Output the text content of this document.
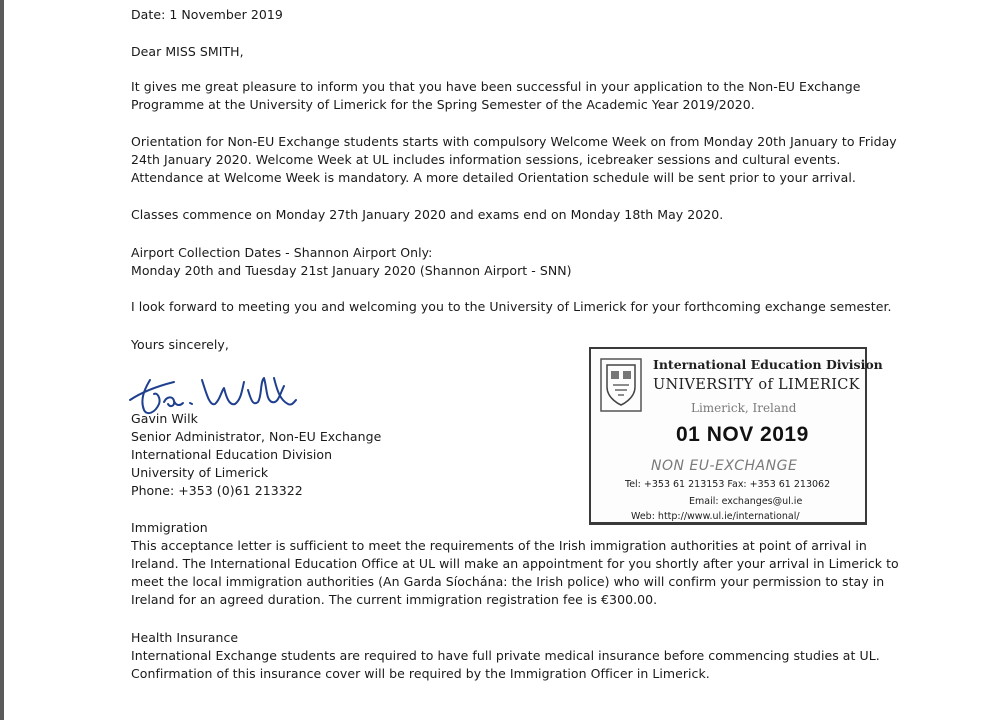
Date: 1 November 2019

Dear MISS SMITH,

It gives me great pleasure to inform you that you have been successful in your application to the Non-EU Exchange

Programme at the University of Limerick for the Spring Semester of the Academic Year 2019/2020.

Orientation for Non-EU Exchange students starts with compulsory Welcome Week on from Monday 20th January to Friday

24th January 2020. Welcome Week at UL includes information sessions, icebreaker sessions and cultural events.

Attendance at Welcome Week is mandatory. A more detailed Orientation schedule will be sent prior to your arrival.

Classes commence on Monday 27th January 2020 and exams end on Monday 18th May 2020.

Airport Collection Dates - Shannon Airport Only:

Monday 20th and Tuesday 21st January 2020 (Shannon Airport - SNN)

I look forward to meeting you and welcoming you to the University of Limerick for your forthcoming exchange semester.

Yours sincerely,

Gavin Wilk

Senior Administrator, Non-EU Exchange

International Education Division

University of Limerick

Phone: +353 (0)61 213322

International Education Division

UNIVERSITY of LIMERICK

Limerick, Ireland

01 NOV 2019

NON EU-EXCHANGE

Tel: +353 61 213153 Fax: +353 61 213062

Email: exchanges@ul.ie

Web: http://www.ul.ie/international/

Immigration

This acceptance letter is sufficient to meet the requirements of the Irish immigration authorities at point of arrival in

Ireland. The International Education Office at UL will make an appointment for you shortly after your arrival in Limerick to

meet the local immigration authorities (An Garda Síochána: the Irish police) who will confirm your permission to stay in

Ireland for an agreed duration. The current immigration registration fee is €300.00.

Health Insurance

International Exchange students are required to have full private medical insurance before commencing studies at UL.

Confirmation of this insurance cover will be required by the Immigration Officer in Limerick.
